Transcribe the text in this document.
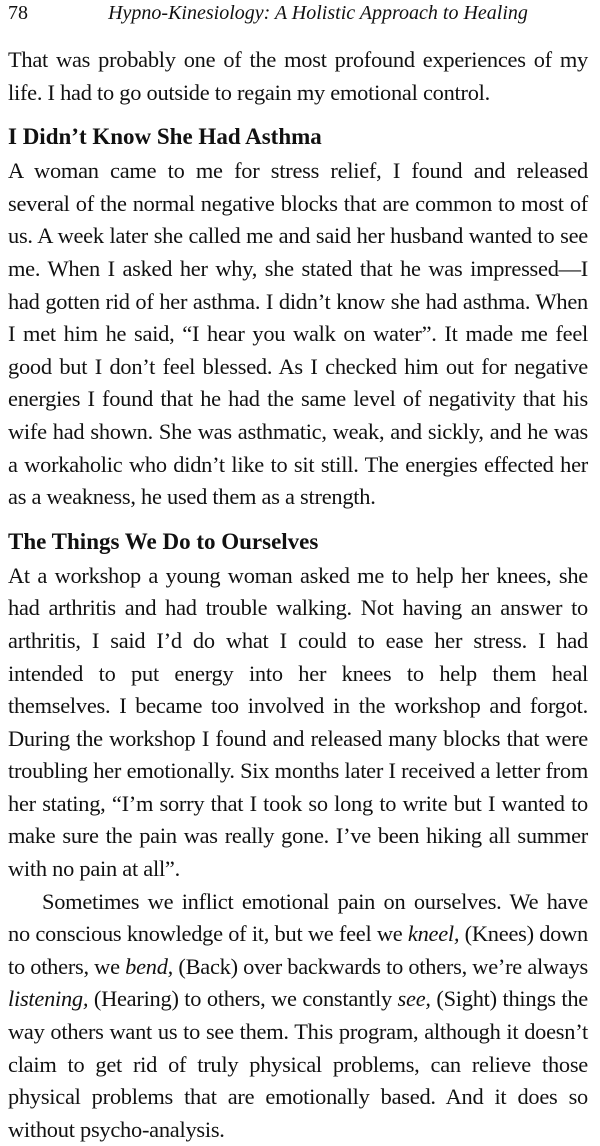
78	Hypno-Kinesiology: A Holistic Approach to Healing

That was probably one of the most profound experiences of my life. I had to go outside to regain my emotional control.

I Didn’t Know She Had Asthma

A woman came to me for stress relief, I found and released several of the normal negative blocks that are common to most of us. A week later she called me and said her husband wanted to see me. When I asked her why, she stated that he was impressed—I had gotten rid of her asthma. I didn’t know she had asthma. When I met him he said, “I hear you walk on water”. It made me feel good but I don’t feel blessed. As I checked him out for negative energies I found that he had the same level of negativity that his wife had shown. She was asthmatic, weak, and sickly, and he was a workaholic who didn’t like to sit still. The energies effected her as a weakness, he used them as a strength.

The Things We Do to Ourselves

At a workshop a young woman asked me to help her knees, she had arthritis and had trouble walking. Not having an answer to arthritis, I said I’d do what I could to ease her stress. I had intended to put energy into her knees to help them heal themselves. I became too involved in the workshop and forgot. During the workshop I found and released many blocks that were troubling her emotionally. Six months later I received a letter from her stating, “I’m sorry that I took so long to write but I wanted to make sure the pain was really gone. I’ve been hiking all summer with no pain at all”.

Sometimes we inflict emotional pain on ourselves. We have no conscious knowledge of it, but we feel we kneel, (Knees) down to others, we bend, (Back) over backwards to others, we’re always listening, (Hearing) to others, we constantly see, (Sight) things the way others want us to see them. This program, although it doesn’t claim to get rid of truly physical problems, can relieve those physical problems that are emotionally based. And it does so without psycho-analysis.
